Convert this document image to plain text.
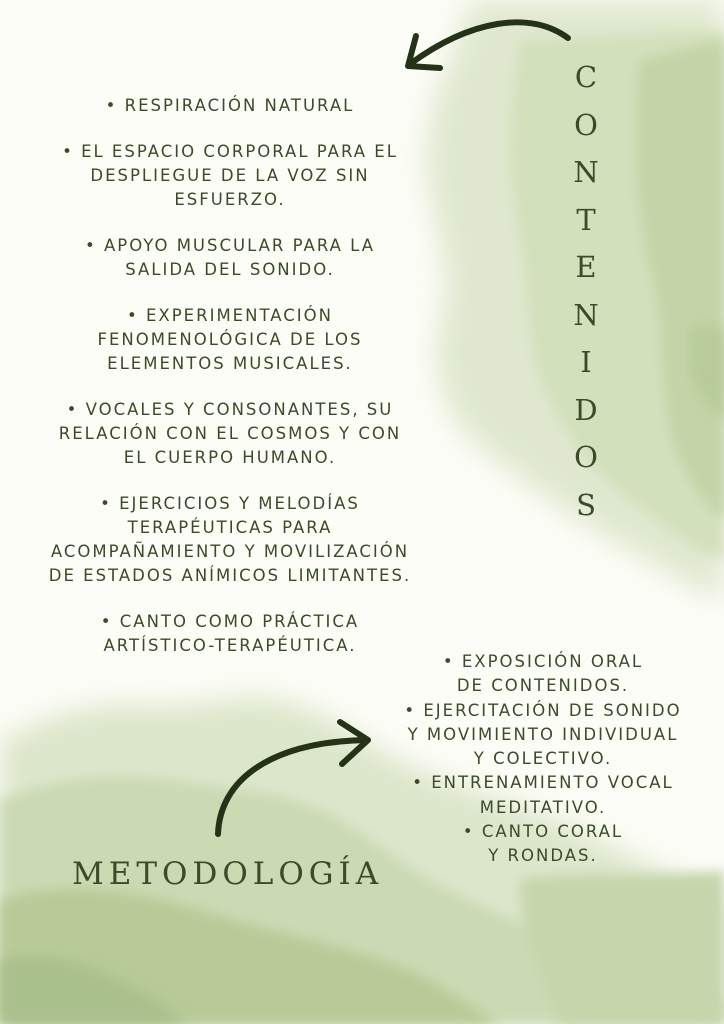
• RESPIRACIÓN NATURAL
• EL ESPACIO CORPORAL PARA EL
DESPLIEGUE DE LA VOZ SIN
ESFUERZO.
• APOYO MUSCULAR PARA LA
SALIDA DEL SONIDO.
• EXPERIMENTACIÓN
FENOMENOLÓGICA DE LOS
ELEMENTOS MUSICALES.
• VOCALES Y CONSONANTES, SU
RELACIÓN CON EL COSMOS Y CON
EL CUERPO HUMANO.
• EJERCICIOS Y MELODÍAS
TERAPÉUTICAS PARA
ACOMPAÑAMIENTO Y MOVILIZACIÓN
DE ESTADOS ANÍMICOS LIMITANTES.
• CANTO COMO PRÁCTICA
ARTÍSTICO-TERAPÉUTICA.
C
O
N
T
E
N
I
D
O
S
• EXPOSICIÓN ORAL
DE CONTENIDOS.
• EJERCITACIÓN DE SONIDO
Y MOVIMIENTO INDIVIDUAL
Y COLECTIVO.
• ENTRENAMIENTO VOCAL
MEDITATIVO.
• CANTO CORAL
Y RONDAS.
METODOLOGÍA
